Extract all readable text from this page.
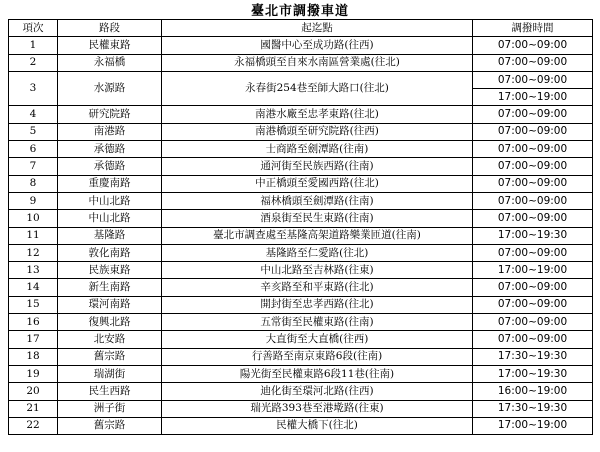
臺北市調撥車道
項次	路段	起迄點	調撥時間
1	民權東路	國醫中心至成功路(往西)	07:00~09:00
2	永福橋	永福橋頭至自來水南區營業處(往北)	07:00~09:00
3	水源路	永春街254巷至師大路口(往北)	07:00~09:00
			17:00~19:00
4	研究院路	南港水廠至忠孝東路(往北)	07:00~09:00
5	南港路	南港橋頭至研究院路(往西)	07:00~09:00
6	承德路	士商路至劍潭路(往南)	07:00~09:00
7	承德路	通河街至民族西路(往南)	07:00~09:00
8	重慶南路	中正橋頭至愛國西路(往北)	07:00~09:00
9	中山北路	福林橋頭至劍潭路(往南)	07:00~09:00
10	中山北路	酒泉街至民生東路(往南)	07:00~09:00
11	基隆路	臺北市調查處至基隆高架道路樂業匝道(往南)	17:00~19:30
12	敦化南路	基隆路至仁愛路(往北)	07:00~09:00
13	民族東路	中山北路至吉林路(往東)	17:00~19:00
14	新生南路	辛亥路至和平東路(往北)	07:00~09:00
15	環河南路	開封街至忠孝西路(往北)	07:00~09:00
16	復興北路	五常街至民權東路(往南)	07:00~09:00
17	北安路	大直街至大直橋(往西)	07:00~09:00
18	舊宗路	行善路至南京東路6段(往南)	17:30~19:30
19	瑞湖街	陽光街至民權東路6段11巷(往南)	17:00~19:30
20	民生西路	迪化街至環河北路(往西)	16:00~19:00
21	洲子街	瑞光路393巷至港墘路(往東)	17:30~19:30
22	舊宗路	民權大橋下(往北)	17:00~19:00
